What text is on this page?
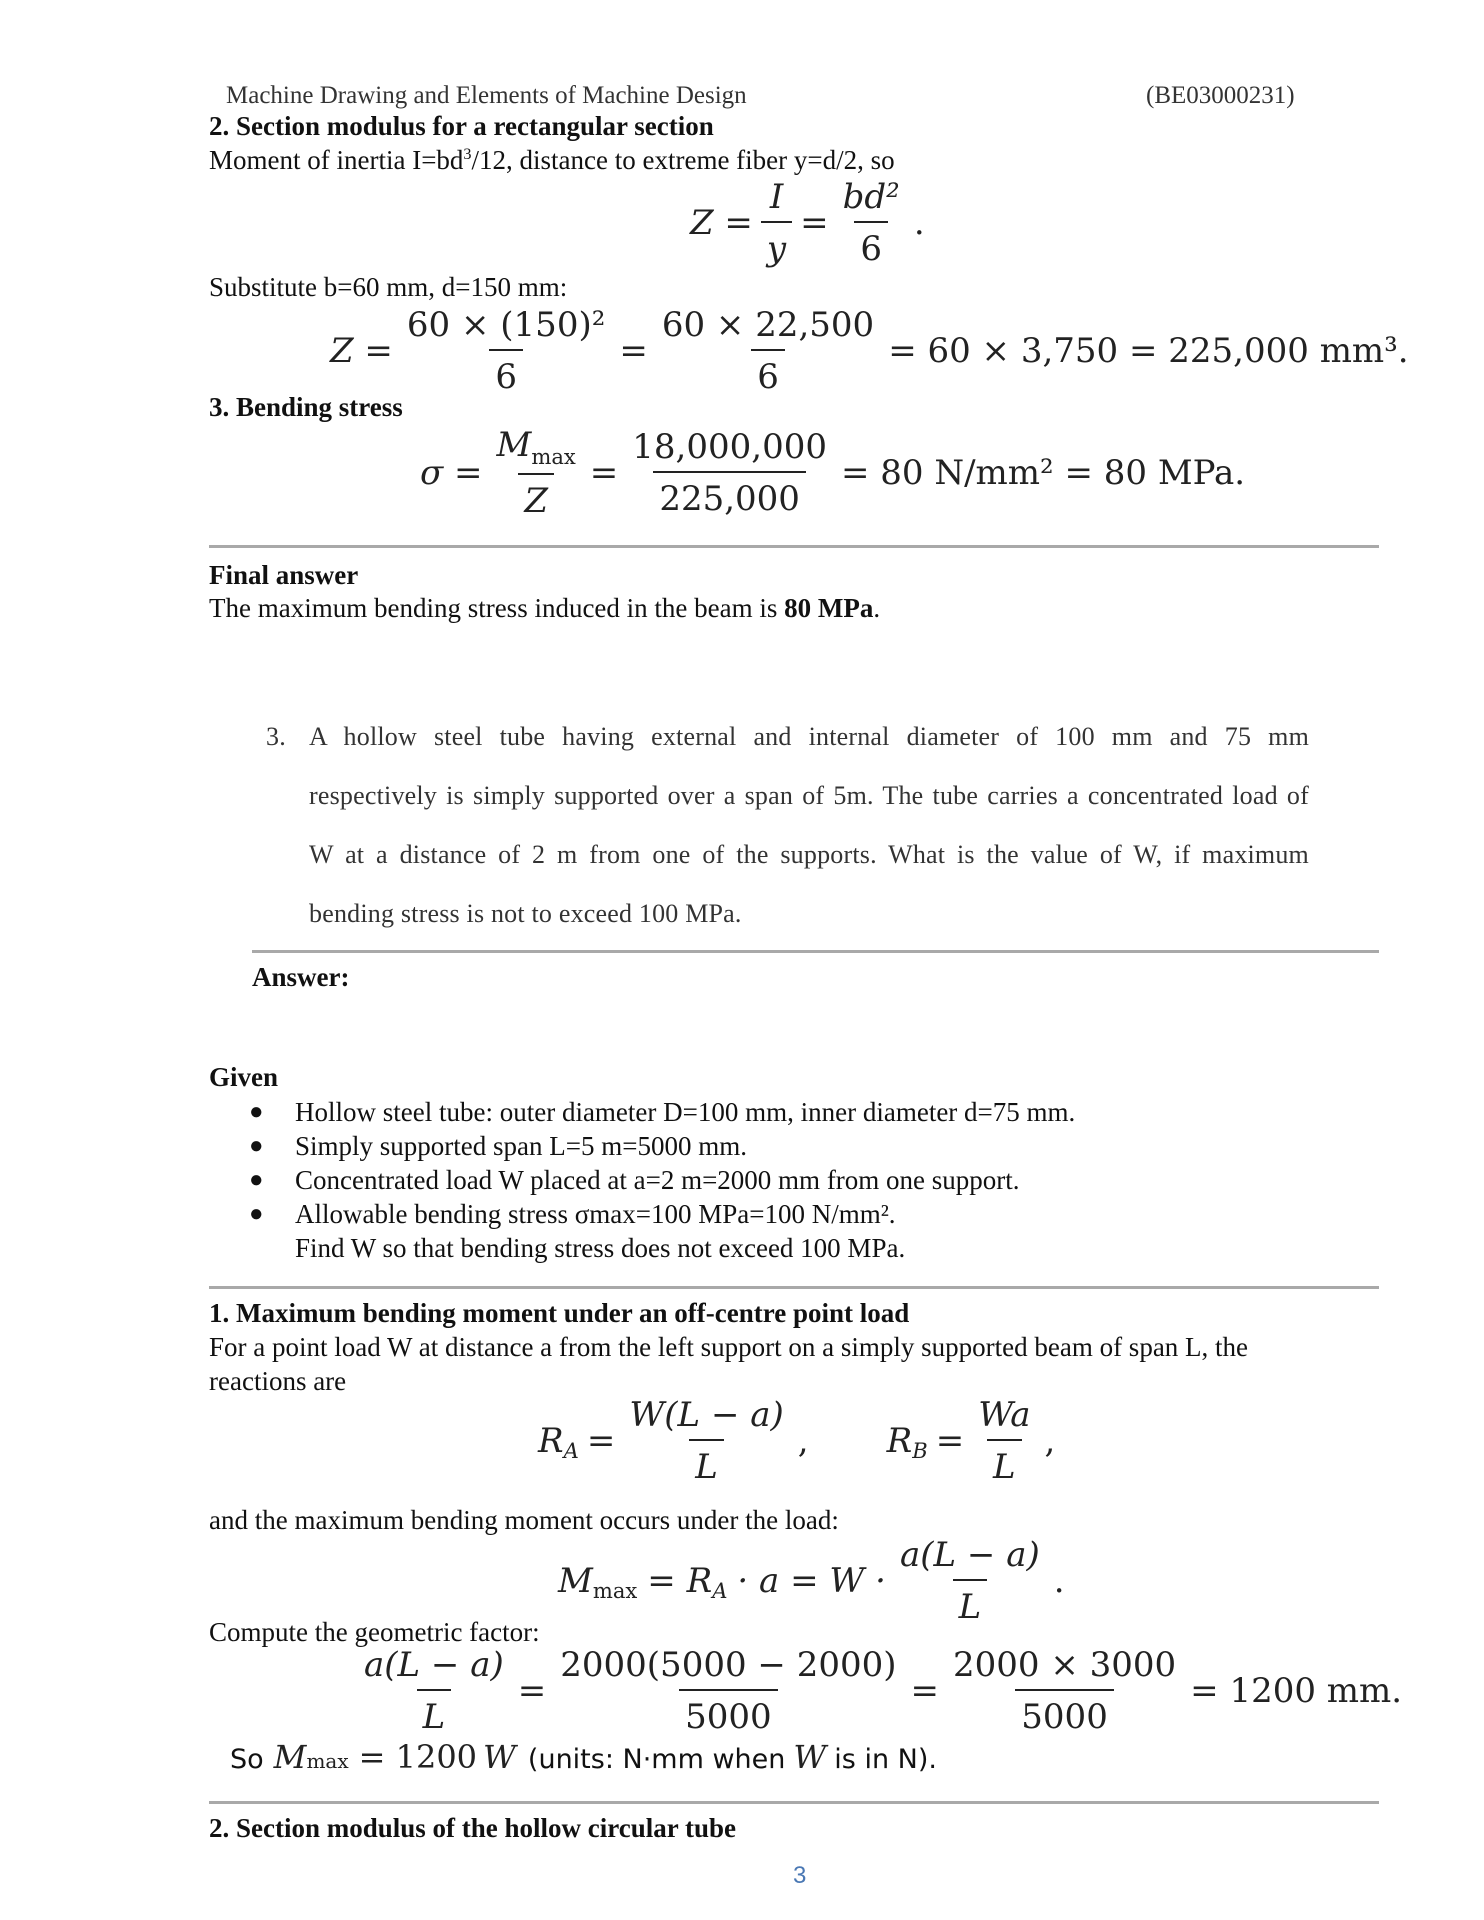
Machine Drawing and Elements of Machine Design	(BE03000231)
2. Section modulus for a rectangular section
Moment of inertia $I=bd^3/12$, distance to extreme fiber y=d/2, so
$Z = \frac{I}{y} = \frac{\text{bd²}}{6}$ .
Substitute b=60 mm, d=150 mm:
$Z = \frac{\text{60 × (150)²}}{6} = \frac{60 \times 22,500}{6} = 60 \times 3,750 = 225,000$ mm³.
3. Bending stress
$\sigma = \frac{M_{max}}{Z} = \frac{18,000,000}{225,000} = 80$ N/mm² = 80 MPa.
Final answer
The maximum bending stress induced in the beam is 80 MPa.
3. A hollow steel tube having external and internal diameter of 100 mm and 75 mm
respectively is simply supported over a span of 5m. The tube carries a concentrated load of
W at a distance of 2 m from one of the supports. What is the value of W, if maximum
bending stress is not to exceed 100 MPa.
Answer:
Given
● Hollow steel tube: outer diameter D=100 mm, inner diameter d=75 mm.
● Simply supported span L=5 m=5000 mm.
● Concentrated load W placed at a=2 m=2000 mm from one support.
● Allowable bending stress σmax=100 MPa=100 N/mm².
Find W so that bending stress does not exceed 100 MPa.
1. Maximum bending moment under an off-centre point load
For a point load W at distance a from the left support on a simply supported beam of span L, the
reactions are
$R_A = \frac{W(L - a)}{L}$ , $R_B = \frac{Wa}{L}$ ,
and the maximum bending moment occurs under the load:
$M_{max} = R_A \cdot a = W \cdot \frac{a(L - a)}{L}$ .
Compute the geometric factor:
$\frac{a(L - a)}{L} = \frac{2000(5000 - 2000)}{5000} = \frac{2000 \times 3000}{5000} = 1200$ mm.
So M max = 1200 W (units: N·mm when W is in N).
2. Section modulus of the hollow circular tube
3
